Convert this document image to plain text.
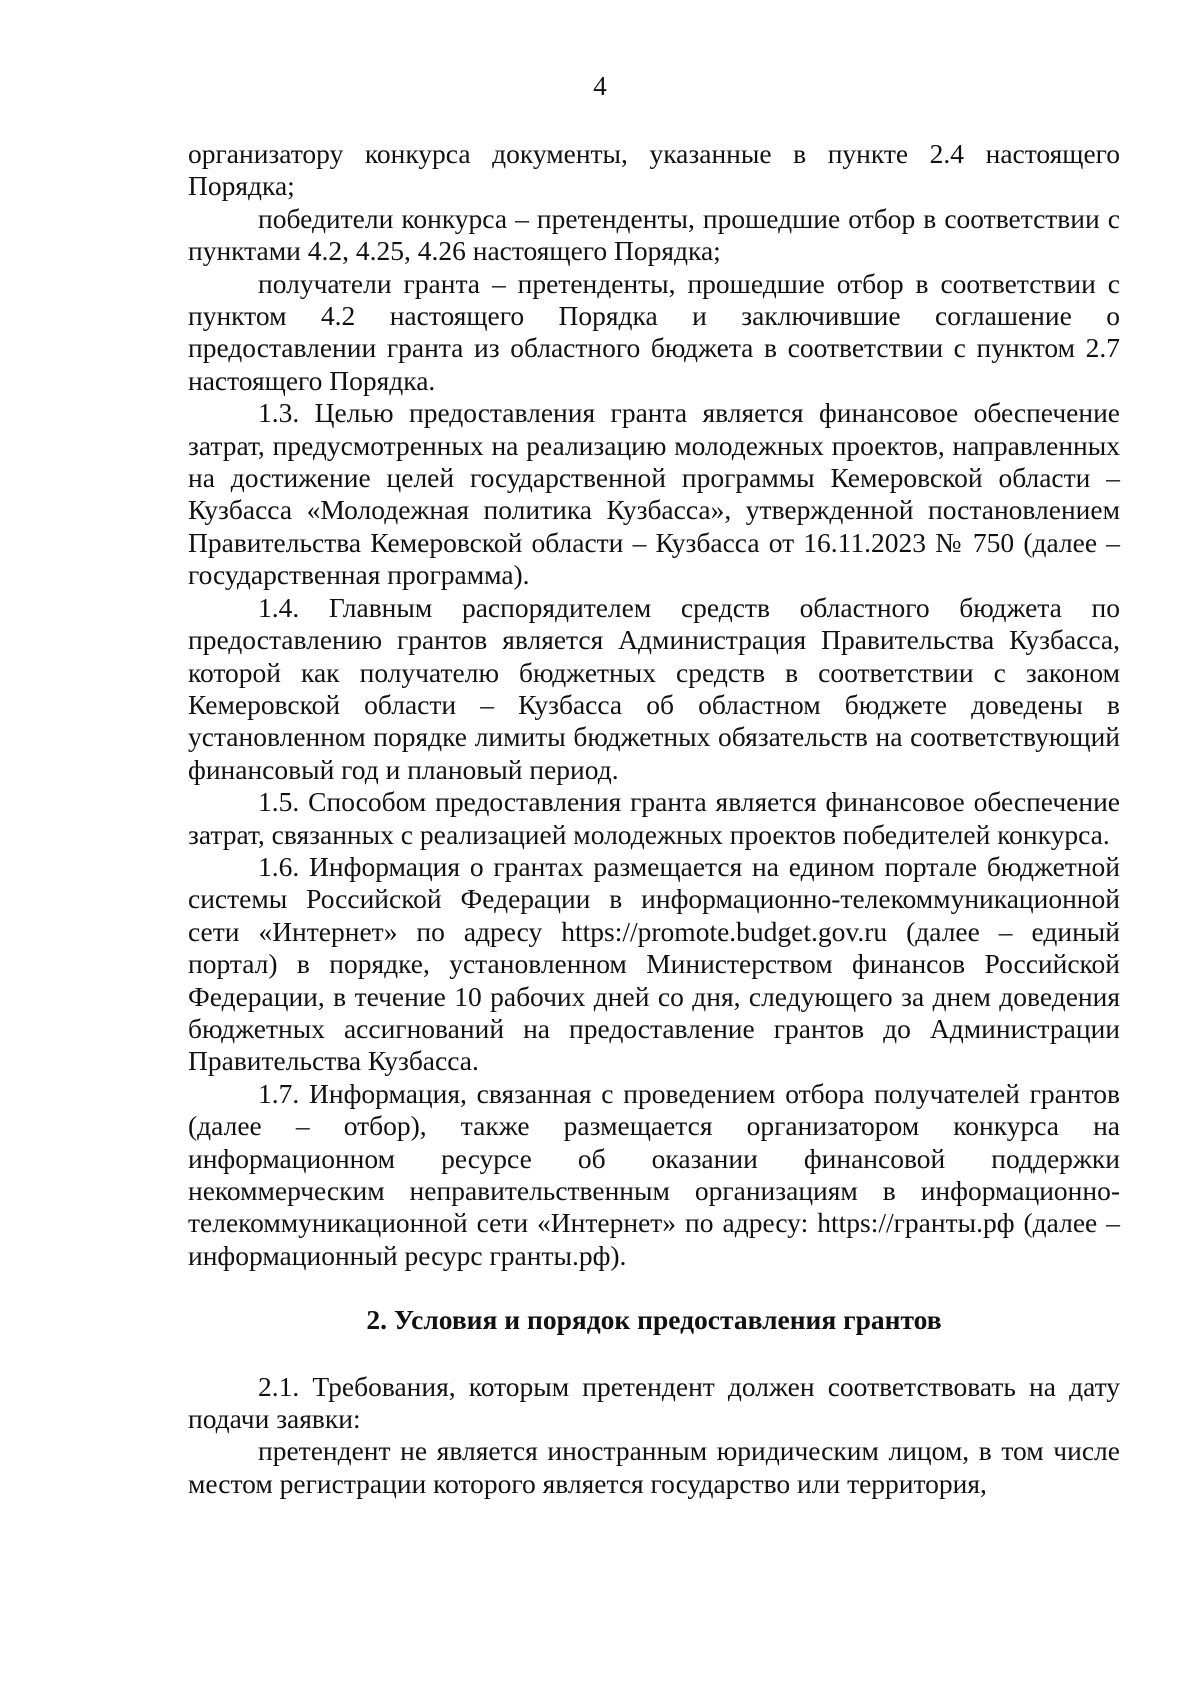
4

организатору конкурса документы, указанные в пункте 2.4 настоящего Порядка;

победители конкурса – претенденты, прошедшие отбор в соответствии с пунктами 4.2, 4.25, 4.26 настоящего Порядка;

получатели гранта – претенденты, прошедшие отбор в соответствии с пунктом 4.2 настоящего Порядка и заключившие соглашение о предоставлении гранта из областного бюджета в соответствии с пунктом 2.7 настоящего Порядка.

1.3. Целью предоставления гранта является финансовое обеспечение затрат, предусмотренных на реализацию молодежных проектов, направленных на достижение целей государственной программы Кемеровской области – Кузбасса «Молодежная политика Кузбасса», утвержденной постановлением Правительства Кемеровской области – Кузбасса от 16.11.2023 № 750 (далее – государственная программа).

1.4. Главным распорядителем средств областного бюджета по предоставлению грантов является Администрация Правительства Кузбасса, которой как получателю бюджетных средств в соответствии с законом Кемеровской области – Кузбасса об областном бюджете доведены в установленном порядке лимиты бюджетных обязательств на соответствующий финансовый год и плановый период.

1.5. Способом предоставления гранта является финансовое обеспечение затрат, связанных с реализацией молодежных проектов победителей конкурса.

1.6. Информация о грантах размещается на едином портале бюджетной системы Российской Федерации в информационно-телекоммуникационной сети «Интернет» по адресу https://promote.budget.gov.ru (далее – единый портал) в порядке, установленном Министерством финансов Российской Федерации, в течение 10 рабочих дней со дня, следующего за днем доведения бюджетных ассигнований на предоставление грантов до Администрации Правительства Кузбасса.

1.7. Информация, связанная с проведением отбора получателей грантов (далее – отбор), также размещается организатором конкурса на информационном ресурсе об оказании финансовой поддержки некоммерческим неправительственным организациям в информационно-телекоммуникационной сети «Интернет» по адресу: https://гранты.рф (далее – информационный ресурс гранты.рф).

2. Условия и порядок предоставления грантов

2.1. Требования, которым претендент должен соответствовать на дату подачи заявки:

претендент не является иностранным юридическим лицом, в том числе местом регистрации которого является государство или территория,
